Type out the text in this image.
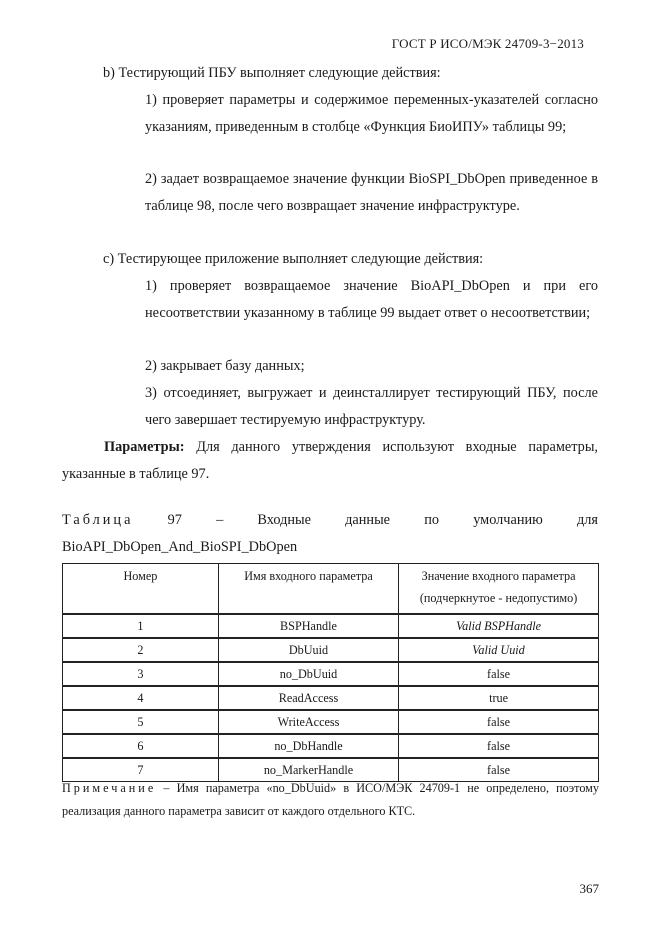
ГОСТ Р ИСО/МЭК 24709-3−2013
b) Тестирующий ПБУ выполняет следующие действия:
1) проверяет параметры и содержимое переменных-указателей согласно указаниям, приведенным в столбце «Функция БиоИПУ» таблицы 99;
2) задает возвращаемое значение функции BioSPI_DbOpen приведенное в таблице 98, после чего возвращает значение инфраструктуре.
c) Тестирующее приложение выполняет следующие действия:
1) проверяет возвращаемое значение BioAPI_DbOpen и при его несоответствии указанному в таблице 99 выдает ответ о несоответствии;
2) закрывает базу данных;
3) отсоединяет, выгружает и деинсталлирует тестирующий ПБУ, после чего завершает тестируемую инфраструктуру.
Параметры: Для данного утверждения используют входные параметры, указанные в таблице 97.
Таблица 97 – Входные данные по умолчанию для
BioAPI_DbOpen_And_BioSPI_DbOpen
Номер	Имя входного параметра	Значение входного параметра
(подчеркнутое - недопустимо)

1	BSPHandle	Valid BSPHandle
2	DbUuid	Valid Uuid
3	no_DbUuid	false
4	ReadAccess	true
5	WriteAccess	false
6	no_DbHandle	false
7	no_MarkerHandle	false
Примечание – Имя параметра «no_DbUuid» в ИСО/МЭК 24709-1 не определено, поэтому реализация данного параметра зависит от каждого отдельного КТС.
367
